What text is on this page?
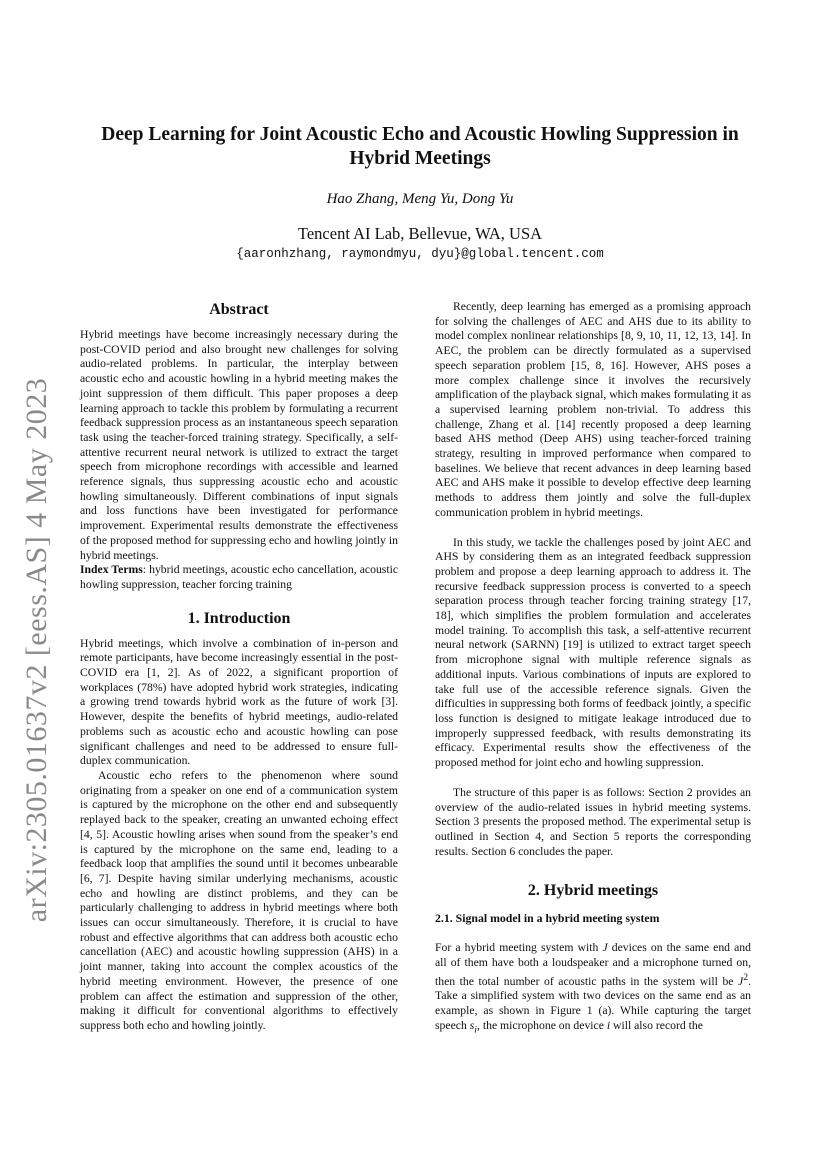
arXiv:2305.01637v2 [eess.AS] 4 May 2023
Deep Learning for Joint Acoustic Echo and Acoustic Howling Suppression in Hybrid Meetings
Hao Zhang, Meng Yu, Dong Yu
Tencent AI Lab, Bellevue, WA, USA
{aaronhzhang, raymondmyu, dyu}@global.tencent.com
Abstract

Hybrid meetings have become increasingly necessary during the post-COVID period and also brought new challenges for solving audio-related problems. In particular, the interplay between acoustic echo and acoustic howling in a hybrid meeting makes the joint suppression of them difficult. This paper proposes a deep learning approach to tackle this problem by formulating a recurrent feedback suppression process as an instantaneous speech separation task using the teacher-forced training strategy. Specifically, a self-attentive recurrent neural network is utilized to extract the target speech from microphone recordings with accessible and learned reference signals, thus suppressing acoustic echo and acoustic howling simultaneously. Different combinations of input signals and loss functions have been investigated for performance improvement. Experimental results demonstrate the effectiveness of the proposed method for suppressing echo and howling jointly in hybrid meetings.

Index Terms: hybrid meetings, acoustic echo cancellation, acoustic howling suppression, teacher forcing training

1. Introduction

Hybrid meetings, which involve a combination of in-person and remote participants, have become increasingly essential in the post-COVID era [1, 2]. As of 2022, a significant proportion of workplaces (78%) have adopted hybrid work strategies, indicating a growing trend towards hybrid work as the future of work [3]. However, despite the benefits of hybrid meetings, audio-related problems such as acoustic echo and acoustic howling can pose significant challenges and need to be addressed to ensure full-duplex communication.

Acoustic echo refers to the phenomenon where sound originating from a speaker on one end of a communication system is captured by the microphone on the other end and subsequently replayed back to the speaker, creating an unwanted echoing effect [4, 5]. Acoustic howling arises when sound from the speaker’s end is captured by the microphone on the same end, leading to a feedback loop that amplifies the sound until it becomes unbearable [6, 7]. Despite having similar underlying mechanisms, acoustic echo and howling are distinct problems, and they can be particularly challenging to address in hybrid meetings where both issues can occur simultaneously. Therefore, it is crucial to have robust and effective algorithms that can address both acoustic echo cancellation (AEC) and acoustic howling suppression (AHS) in a joint manner, taking into account the complex acoustics of the hybrid meeting environment. However, the presence of one problem can affect the estimation and suppression of the other, making it difficult for conventional algorithms to effectively suppress both echo and howling jointly.

Recently, deep learning has emerged as a promising approach for solving the challenges of AEC and AHS due to its ability to model complex nonlinear relationships [8, 9, 10, 11, 12, 13, 14]. In AEC, the problem can be directly formulated as a supervised speech separation problem [15, 8, 16]. However, AHS poses a more complex challenge since it involves the recursively amplification of the playback signal, which makes formulating it as a supervised learning problem non-trivial. To address this challenge, Zhang et al. [14] recently proposed a deep learning based AHS method (Deep AHS) using teacher-forced training strategy, resulting in improved performance when compared to baselines. We believe that recent advances in deep learning based AEC and AHS make it possible to develop effective deep learning methods to address them jointly and solve the full-duplex communication problem in hybrid meetings.

In this study, we tackle the challenges posed by joint AEC and AHS by considering them as an integrated feedback suppression problem and propose a deep learning approach to address it. The recursive feedback suppression process is converted to a speech separation process through teacher forcing training strategy [17, 18], which simplifies the problem formulation and accelerates model training. To accomplish this task, a self-attentive recurrent neural network (SARNN) [19] is utilized to extract target speech from microphone signal with multiple reference signals as additional inputs. Various combinations of inputs are explored to take full use of the accessible reference signals. Given the difficulties in suppressing both forms of feedback jointly, a specific loss function is designed to mitigate leakage introduced due to improperly suppressed feedback, with results demonstrating its efficacy. Experimental results show the effectiveness of the proposed method for joint echo and howling suppression.

The structure of this paper is as follows: Section 2 provides an overview of the audio-related issues in hybrid meeting systems. Section 3 presents the proposed method. The experimental setup is outlined in Section 4, and Section 5 reports the corresponding results. Section 6 concludes the paper.

2. Hybrid meetings
2.1. Signal model in a hybrid meeting system

For a hybrid meeting system with J devices on the same end and all of them have both a loudspeaker and a microphone turned on, then the total number of acoustic paths in the system will be $J^2$. Take a simplified system with two devices on the same end as an example, as shown in Figure 1 (a). While capturing the target speech $s_i$, the microphone on device i will also record the
